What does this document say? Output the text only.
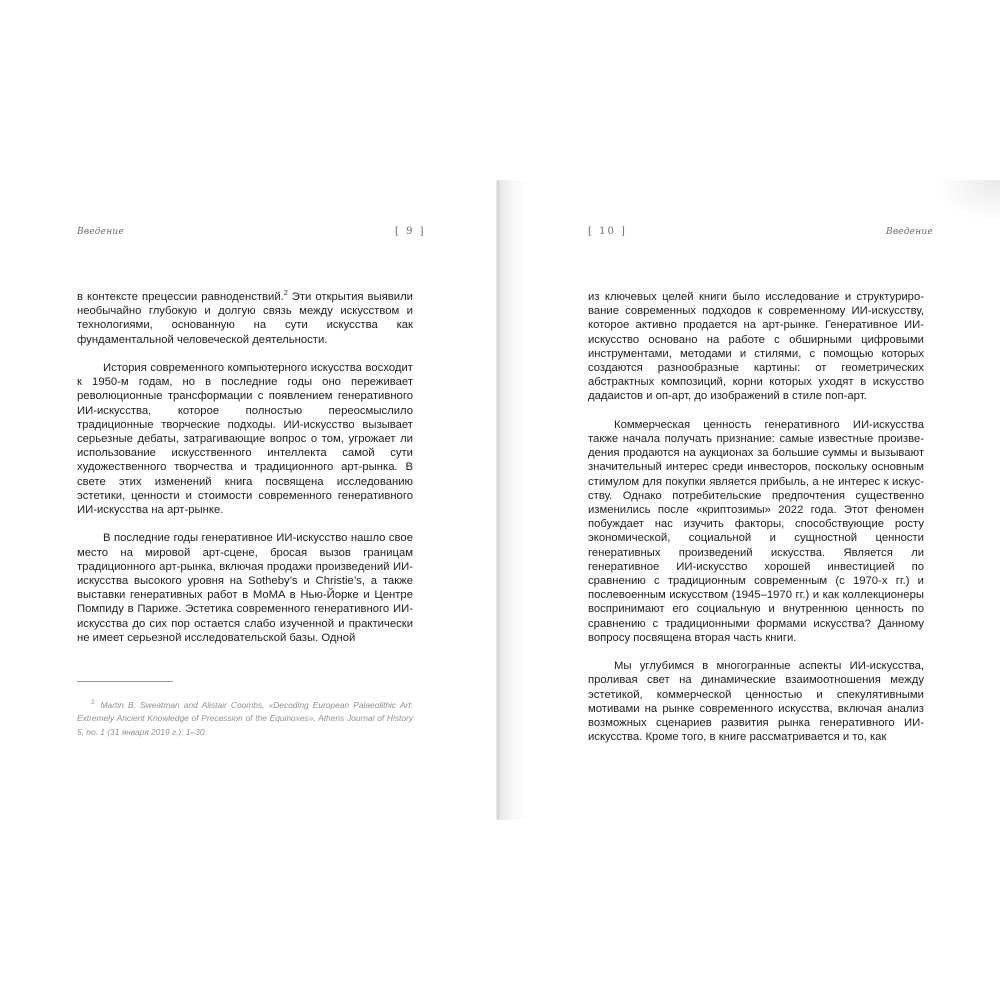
Введение	[ 9 ]

в контексте прецессии равноденствий.$^2$ Эти открытия выявили необычайно глубокую и долгую связь между искусством и технологиями, основанную на сути искусства как фундаментальной человеческой деятельности.

История современного компьютерного искусства восходит к 1950-м годам, но в последние годы оно переживает революционные трансформации с появлением генеративного ИИ-искусства, которое полностью переосмыслило традиционные творческие подходы. ИИ-искусство вызывает серьезные дебаты, затрагивающие вопрос о том, угрожает ли использование искусственного интеллекта самой сути художественного творчества и традиционного арт-рынка. В свете этих изменений книга посвящена исследованию эстетики, ценности и стоимости современного генеративного ИИ-искусства на арт-рынке.

В последние годы генеративное ИИ-искусство нашло свое место на мировой арт-сцене, бросая вызов границам традиционного арт-рынка, включая продажи произведений ИИ-искусства высокого уровня на Sotheby’s и Christie’s, а также выставки генеративных работ в MoMA в Нью-Йорке и Центре Помпиду в Париже. Эстетика современного генеративного ИИ-искусства до сих пор остается слабо изученной и практически не имеет серьезной исследовательской базы. Одной

$^2$ Martin B. Sweatman and Alistair Coombs, «Decoding European Palaeolithic Art: Extremely Ancient Knowledge of Precession of the Equinoxes», Athens Journal of History 5, no. 1 (31 января 2019 г.): 1–30.
[ 10 ]	Введение

из ключевых целей книги было исследование и структурирование современных подходов к современному ИИ-искусству, которое активно продается на арт-рынке. Генеративное ИИ-искусство основано на работе с обширными цифровыми инструментами, методами и стилями, с помощью которых создаются разнообразные картины: от геометрических абстрактных композиций, корни которых уходят в искусство дадаистов и оп-арт, до изображений в стиле поп-арт.

Коммерческая ценность генеративного ИИ-искусства также начала получать признание: самые известные произведения продаются на аукционах за большие суммы и вызывают значительный интерес среди инвесторов, поскольку основным стимулом для покупки является прибыль, а не интерес к искусству. Однако потребительские предпочтения существенно изменились после «криптозимы» 2022 года. Этот феномен побуждает нас изучить факторы, способствующие росту экономической, социальной и сущностной ценности генеративных произведений искусства. Является ли генеративное ИИ-искусство хорошей инвестицией по сравнению с традиционным современным (с 1970-х гг.) и послевоенным искусством (1945–1970 гг.) и как коллекционеры воспринимают его социальную и внутреннюю ценность по сравнению с традиционными формами искусства? Данному вопросу посвящена вторая часть книги.

Мы углубимся в многогранные аспекты ИИ-искусства, проливая свет на динамические взаимоотношения между эстетикой, коммерческой ценностью и спекулятивными мотивами на рынке современного искусства, включая анализ возможных сценариев развития рынка генеративного ИИ-искусства. Кроме того, в книге рассматривается и то, как
